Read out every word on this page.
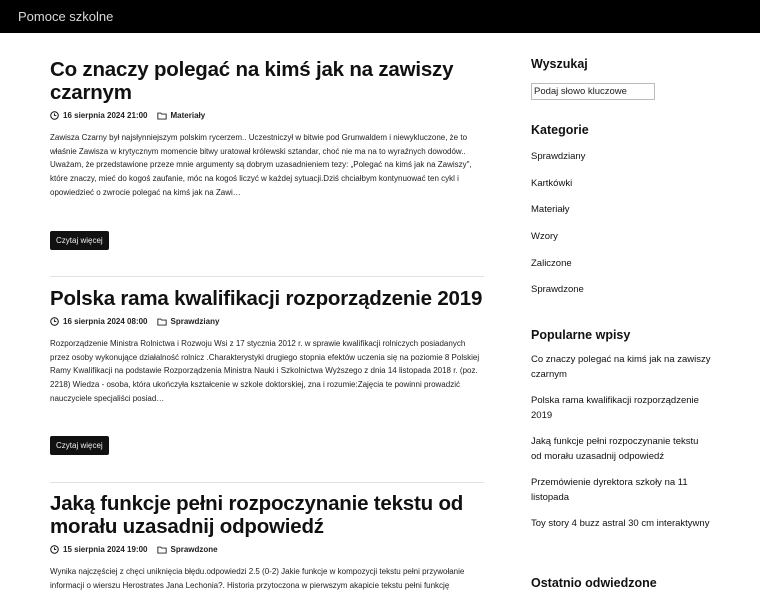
Pomoce szkolne
Co znaczy polegać na kimś jak na zawiszy czarnym
16 sierpnia 2024 21:00	Materiały
Zawisza Czarny był najsłynniejszym polskim rycerzem.. Uczestniczył w bitwie pod Grunwaldem i niewykluczone, że to właśnie Zawisza w krytycznym momencie bitwy uratował królewski sztandar, choć nie ma na to wyraźnych dowodów.. Uważam, że przedstawione przeze mnie argumenty są dobrym uzasadnieniem tezy: „Polegać na kimś jak na Zawiszy", które znaczy, mieć do kogoś zaufanie, móc na kogoś liczyć w każdej sytuacji.Dziś chciałbym kontynuować ten cykl i opowiedzieć o zwrocie polegać na kimś jak na Zawi…
Czytaj więcej
Polska rama kwalifikacji rozporządzenie 2019
16 sierpnia 2024 08:00	Sprawdziany
Rozporządzenie Ministra Rolnictwa i Rozwoju Wsi z 17 stycznia 2012 r. w sprawie kwalifikacji rolniczych posiadanych przez osoby wykonujące działalność rolnicz .Charakterystyki drugiego stopnia efektów uczenia się na poziomie 8 Polskiej Ramy Kwalifikacji na podstawie Rozporządzenia Ministra Nauki i Szkolnictwa Wyższego z dnia 14 listopada 2018 r. (poz. 2218) Wiedza - osoba, która ukończyła kształcenie w szkole doktorskiej, zna i rozumie:Zajęcia te powinni prowadzić nauczyciele specjaliści posiad…
Czytaj więcej
Jaką funkcje pełni rozpoczynanie tekstu od morału uzasadnij odpowiedź
15 sierpnia 2024 19:00	Sprawdzone
Wynika najczęściej z chęci uniknięcia błędu.odpowiedzi 2.5 (0-2) Jakie funkcje w kompozycji tekstu pełni przywołanie informacji o wierszu Herostrates Jana Lechonia?. Historia przytoczona w pierwszym akapicie tekstu pełni funkcję
Wyszukaj
Podaj słowo kluczowe
Kategorie
Sprawdziany
Kartkówki
Materiały
Wzory
Zaliczone
Sprawdzone
Popularne wpisy
Co znaczy polegać na kimś jak na zawiszy czarnym
Polska rama kwalifikacji rozporządzenie 2019
Jaką funkcje pełni rozpoczynanie tekstu od morału uzasadnij odpowiedź
Przemówienie dyrektora szkoły na 11 listopada
Toy story 4 buzz astral 30 cm interaktywny
Ostatnio odwiedzone
